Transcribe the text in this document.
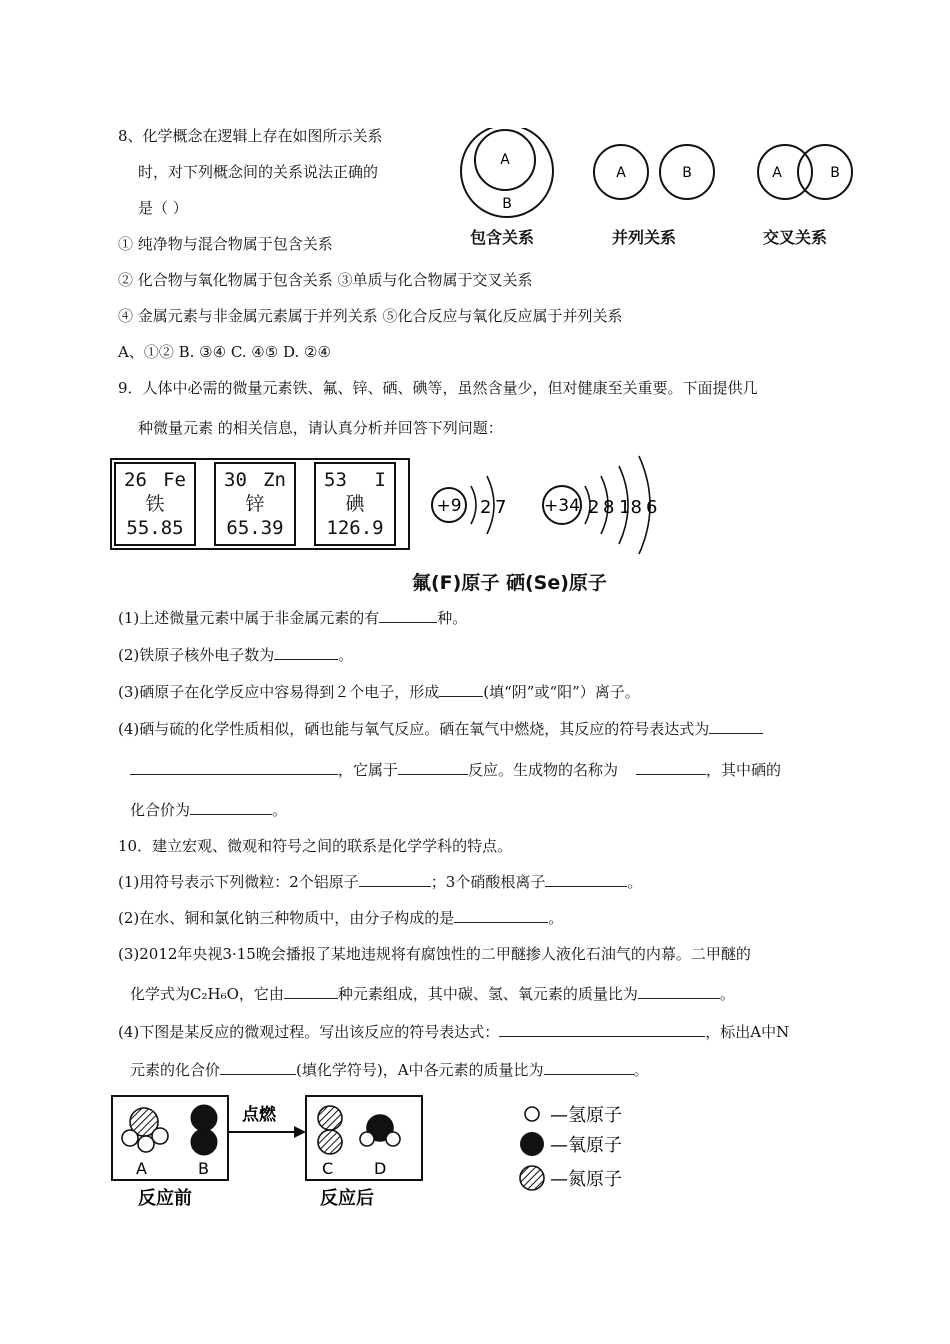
8、化学概念在逻辑上存在如图所示关系
时，对下列概念间的关系说法正确的
是（ ）
A
B
A	B	A	B
包含关系	并列关系	交叉关系
① 纯净物与混合物属于包含关系
② 化合物与氧化物属于包含关系 ③单质与化合物属于交叉关系
④ 金属元素与非金属元素属于并列关系 ⑤化合反应与氧化反应属于并列关系
A、①② B. ③④ C. ④⑤ D. ②④
9．人体中必需的微量元素铁、氟、锌、硒、碘等，虽然含量少，但对健康至关重要。下面提供几
种微量元素 的相关信息，请认真分析并回答下列问题：
26 Fe
铁
55.85
30 Zn
锌
65.39
53 I
碘
126.9
+9 2 7 +34 2 8 18 6
氟(F)原子 硒(Se)原子
(1)上述微量元素中属于非金属元素的有	种。
(2)铁原子核外电子数为	。
(3)硒原子在化学反应中容易得到２个电子，形成	(填“阴”或“阳”）离子。
(4)硒与硫的化学性质相似，硒也能与氧气反应。硒在氧气中燃烧，其反应的符号表达式为
，它属于	反应。生成物的名称为	，其中硒的
化合价为	。
10．建立宏观、微观和符号之间的联系是化学学科的特点。
(1)用符号表示下列微粒：2个铝原子	；3个硝酸根离子	。
(2)在水、铜和氯化钠三种物质中，由分子构成的是	。
(3)2012年央视3·15晚会播报了某地违规将有腐蚀性的二甲醚掺人液化石油气的内幕。二甲醚的
化学式为C₂H₆O，它由	种元素组成，其中碳、氢、氧元素的质量比为	。
(4)下图是某反应的微观过程。写出该反应的符号表达式：	，标出A中N
元素的化合价	(填化学符号)，A中各元素的质量比为	。
A	B
点燃
C	D
反应前	反应后
—氢原子
—氧原子
—氮原子
